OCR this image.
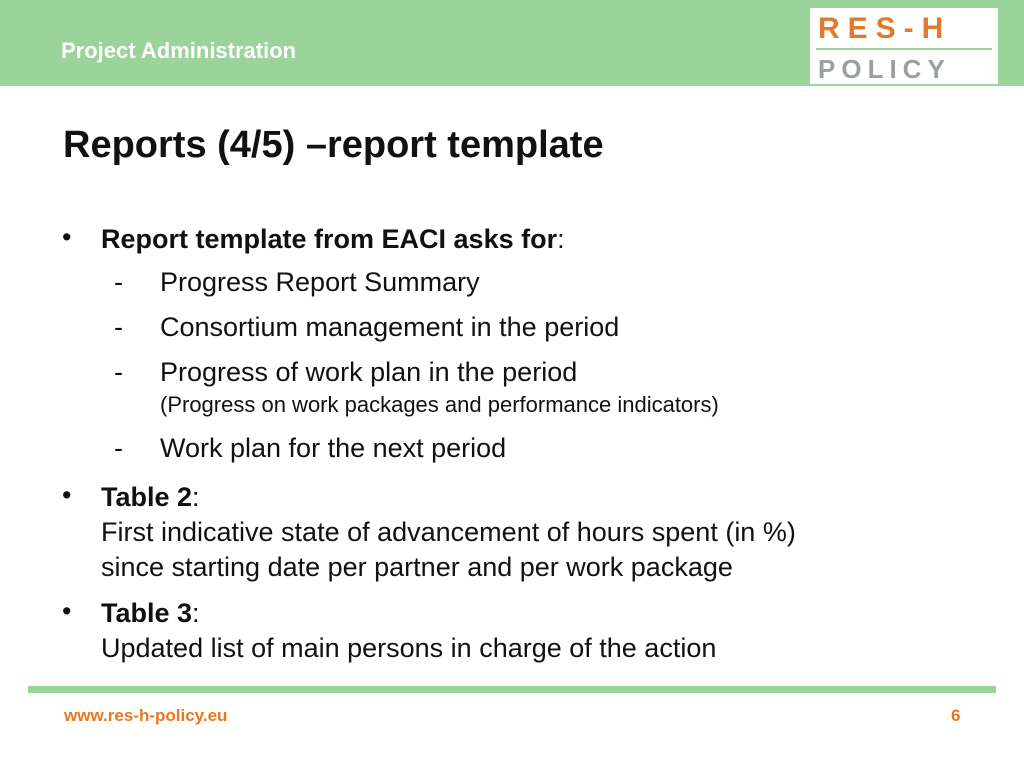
Project Administration
RES-H
POLICY
Reports (4/5) –report template
• Report template from EACI asks for:
- Progress Report Summary
- Consortium management in the period
- Progress of work plan in the period
(Progress on work packages and performance indicators)
- Work plan for the next period
• Table 2:
First indicative state of advancement of hours spent (in %)
since starting date per partner and per work package
• Table 3:
Updated list of main persons in charge of the action
www.res-h-policy.eu	6
